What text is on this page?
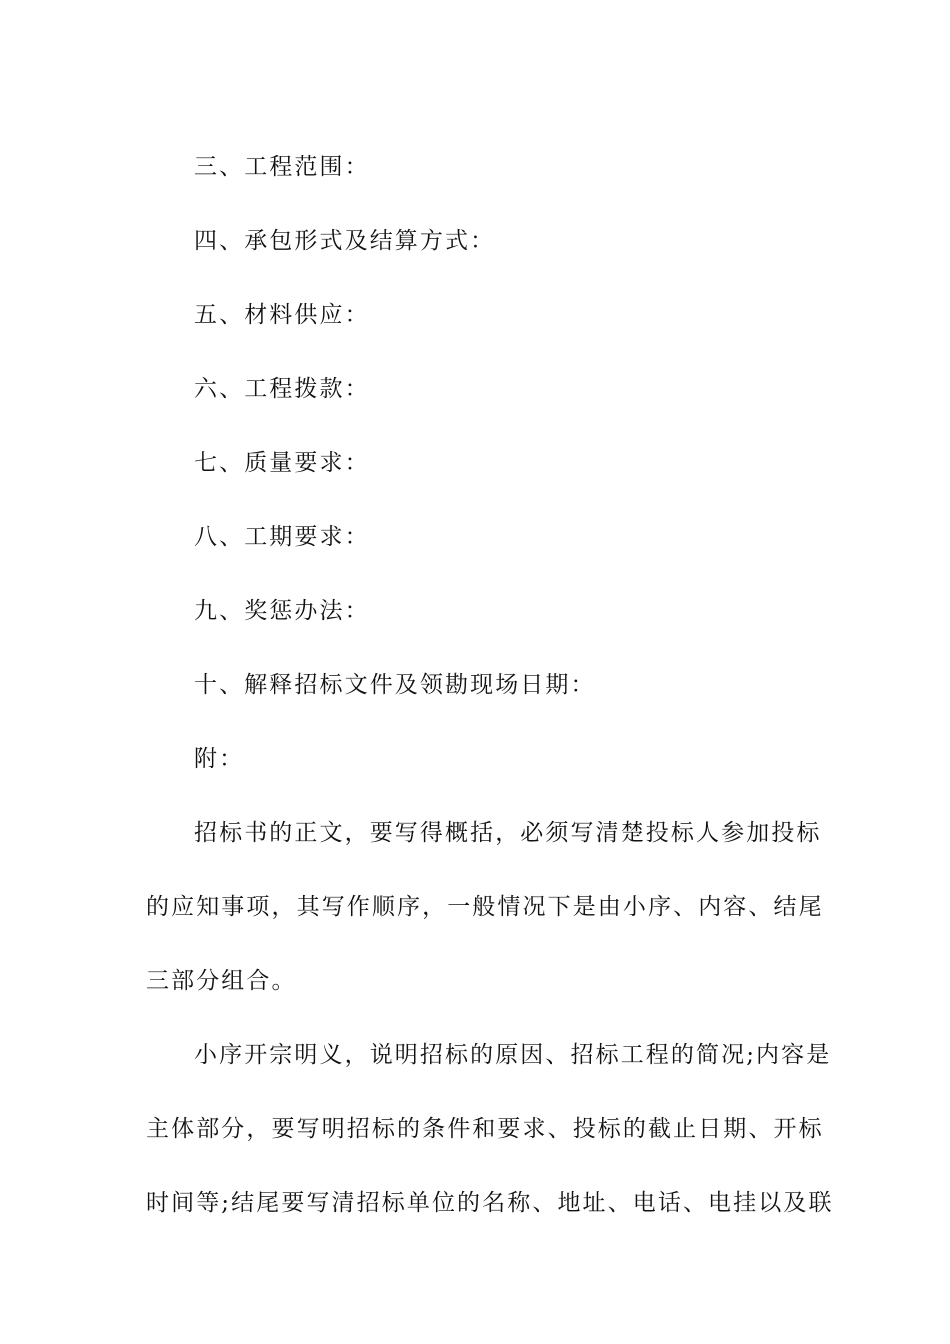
三、工程范围：
四、承包形式及结算方式：
五、材料供应：
六、工程拨款：
七、质量要求：
八、工期要求：
九、奖惩办法：
十、解释招标文件及领勘现场日期：
附：
招标书的正文，要写得概括，必须写清楚投标人参加投标
的应知事项，其写作顺序，一般情况下是由小序、内容、结尾
三部分组合。
小序开宗明义，说明招标的原因、招标工程的简况;内容是
主体部分，要写明招标的条件和要求、投标的截止日期、开标
时间等;结尾要写清招标单位的名称、地址、电话、电挂以及联
